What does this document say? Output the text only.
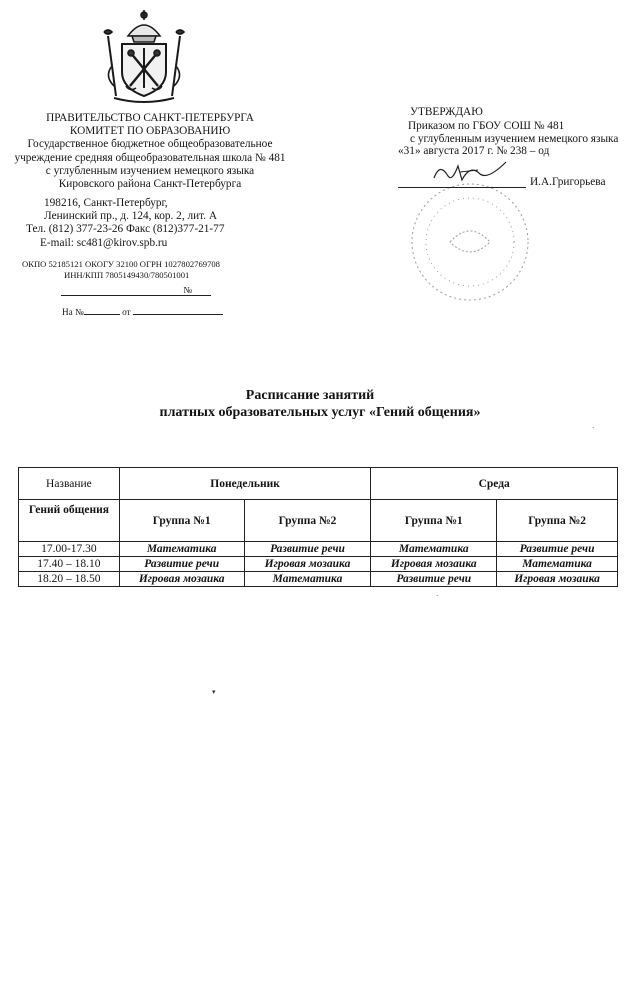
ПРАВИТЕЛЬСТВО САНКТ-ПЕТЕРБУРГА
КОМИТЕТ ПО ОБРАЗОВАНИЮ
Государственное бюджетное общеобразовательное
учреждение средняя общеобразовательная школа № 481
с углубленным изучением немецкого языка
Кировского района Санкт-Петербурга
198216, Санкт-Петербург,
Ленинский пр., д. 124, кор. 2, лит. А
Тел. (812) 377-23-26 Факс (812)377-21-77
E-mail: sc481@kirov.spb.ru
ОКПО 52185121 ОКОГУ 32100 ОГРН 1027802769708
ИНН/КПП 7805149430/780501001
№
На №	от
УТВЕРЖДАЮ
Приказом по ГБОУ СОШ № 481
с углубленным изучением немецкого языка
«31» августа 2017 г. № 238 – од
И.А.Григорьева
Расписание занятий
платных образовательных услуг «Гений общения»
Название	Понедельник		Среда	
Гений общения	Группа №1	Группа №2	Группа №1	Группа №2
17.00-17.30	Математика	Развитие речи	Математика	Развитие речи
17.40 – 18.10	Развитие речи	Игровая мозаика	Игровая мозаика	Математика
18.20 – 18.50	Игровая мозаика	Математика	Развитие речи	Игровая мозаика
·
·
▾
